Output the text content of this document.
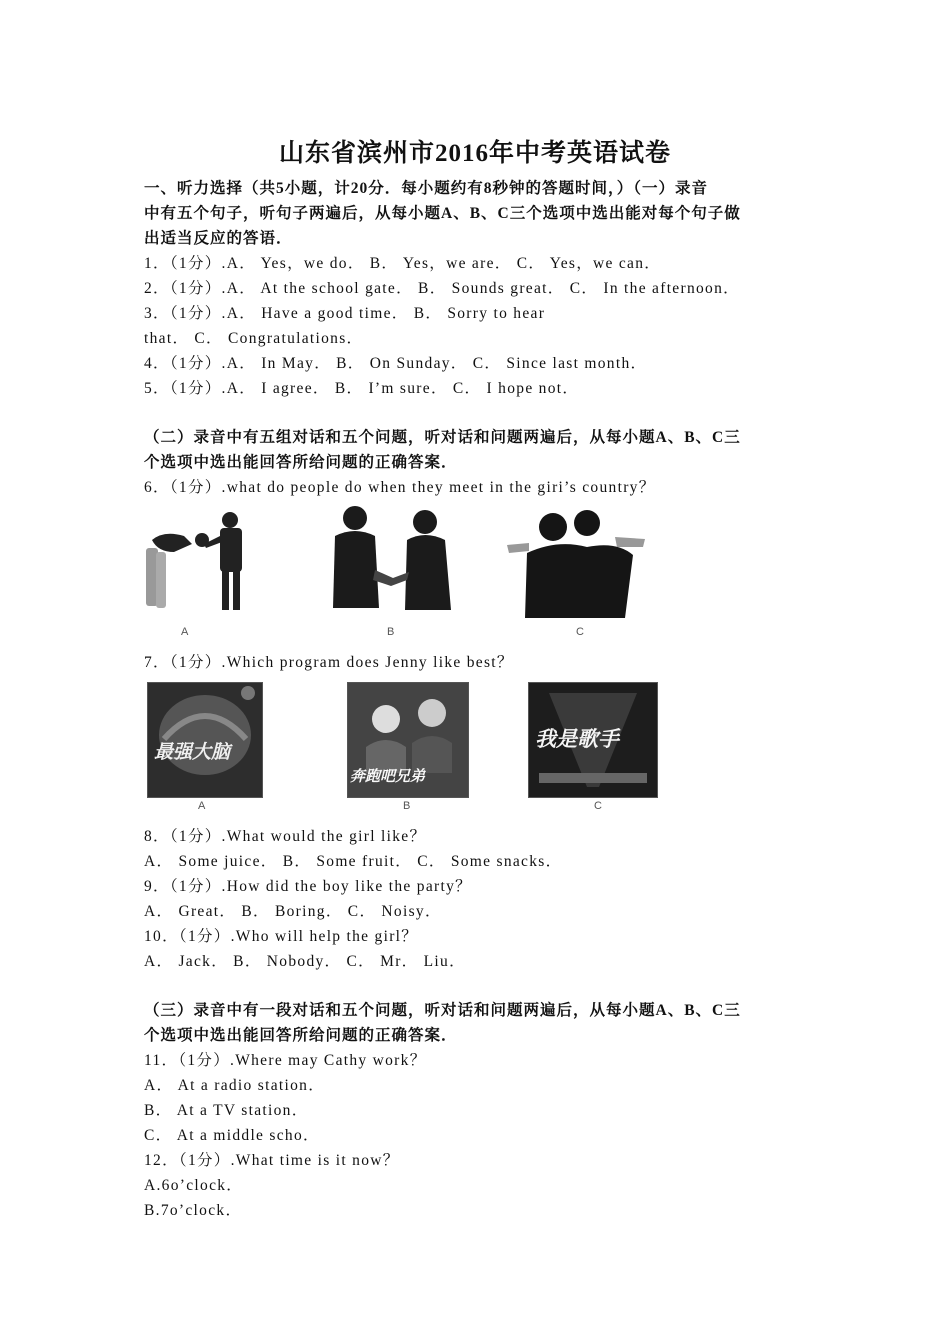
山东省滨州市2016年中考英语试卷
一、听力选择（共5小题，计20分．每小题约有8秒钟的答题时间，）（一）录音
中有五个句子，听句子两遍后，从每小题A、B、C三个选项中选出能对每个句子做
出适当反应的答语．
1．（1分）.A． Yes，we do． B． Yes，we are． C． Yes，we can．
2．（1分）.A． At the school gate． B． Sounds great． C． In the afternoon．
3．（1分）.A． Have a good time． B． Sorry to hear
that． C． Congratulations．
4．（1分）.A． In May． B． On Sunday． C． Since last month．
5．（1分）.A． I agree． B． I’m sure． C． I hope not．
（二）录音中有五组对话和五个问题，听对话和问题两遍后，从每小题A、B、C三
个选项中选出能回答所给问题的正确答案．
6．（1分）.what do people do when they meet in the giri’s country？
A	B	C
7．（1分）.Which program does Jenny like best？
最强大脑
A
奔跑吧兄弟
B
我是歌手
C
8．（1分）.What would the girl like？
A． Some juice． B． Some fruit． C． Some snacks．
9．（1分）.How did the boy like the party？
A． Great． B． Boring． C． Noisy．
10．（1分）.Who will help the girl？
A． Jack． B． Nobody． C． Mr． Liu．
（三）录音中有一段对话和五个问题，听对话和问题两遍后，从每小题A、B、C三
个选项中选出能回答所给问题的正确答案．
11．（1分）.Where may Cathy work？
A． At a radio station．
B． At a TV station．
C． At a middle scho．
12．（1分）.What time is it now？
A.6o’clock．
B.7o’clock．
